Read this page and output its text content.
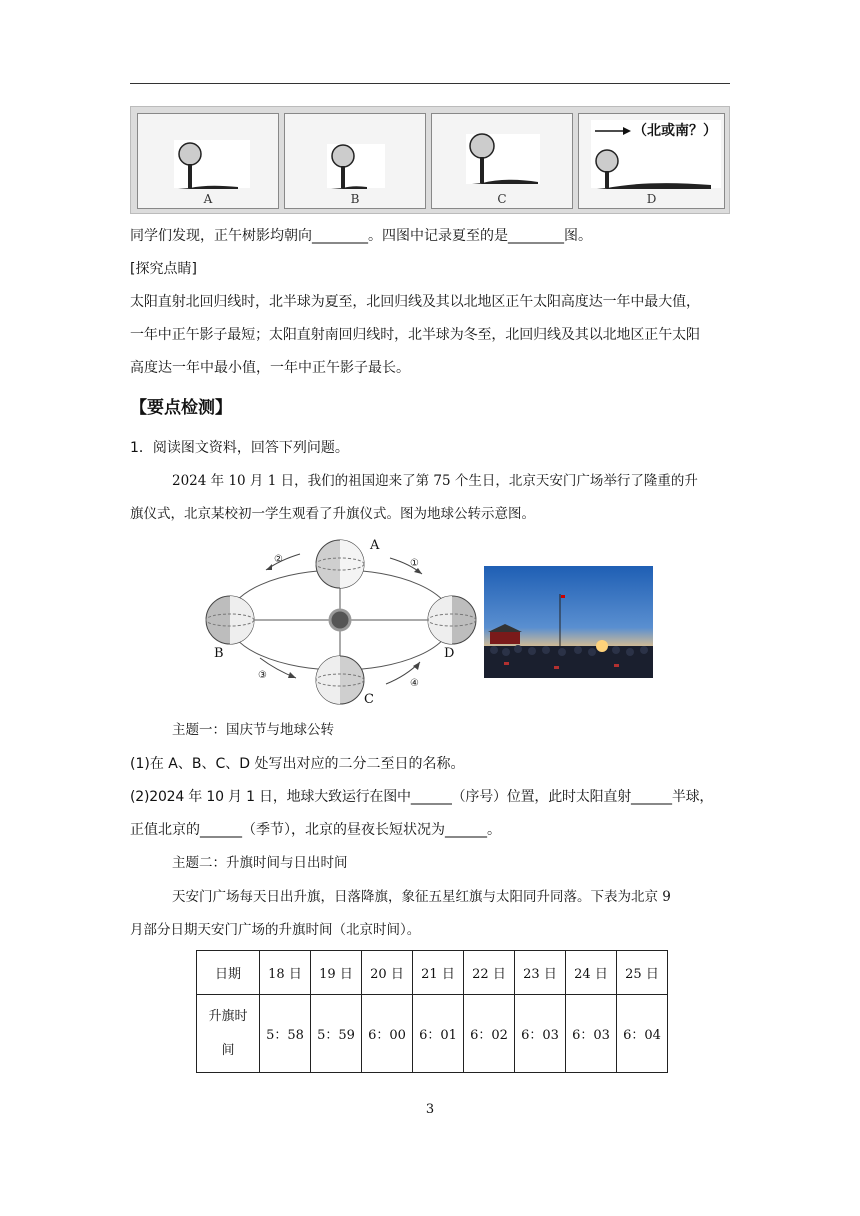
A	B	C
（北或南？）
D
同学们发现，正午树影均朝向________。四图中记录夏至的是________图。
[探究点睛]
太阳直射北回归线时，北半球为夏至，北回归线及其以北地区正午太阳高度达一年中最大值，
一年中正午影子最短；太阳直射南回归线时，北半球为冬至，北回归线及其以北地区正午太阳
高度达一年中最小值，一年中正午影子最长。
【要点检测】
1．阅读图文资料，回答下列问题。
2024 年 10 月 1 日，我们的祖国迎来了第 75 个生日，北京天安门广场举行了隆重的升
旗仪式，北京某校初一学生观看了升旗仪式。图为地球公转示意图。
A
B
C
D
②	①
③
④
主题一：国庆节与地球公转
(1)在 A、B、C、D 处写出对应的二分二至日的名称。
(2)2024 年 10 月 1 日，地球大致运行在图中______（序号）位置，此时太阳直射______半球，
正值北京的______（季节），北京的昼夜长短状况为______。
主题二：升旗时间与日出时间
天安门广场每天日出升旗，日落降旗，象征五星红旗与太阳同升同落。下表为北京 9
月部分日期天安门广场的升旗时间（北京时间）。
日期	18 日	19 日	20 日	21 日	22 日	23 日	24 日	25 日

升旗时
间	5：58	5：59	6：00	6：01	6：02	6：03	6：03	6：04
3
